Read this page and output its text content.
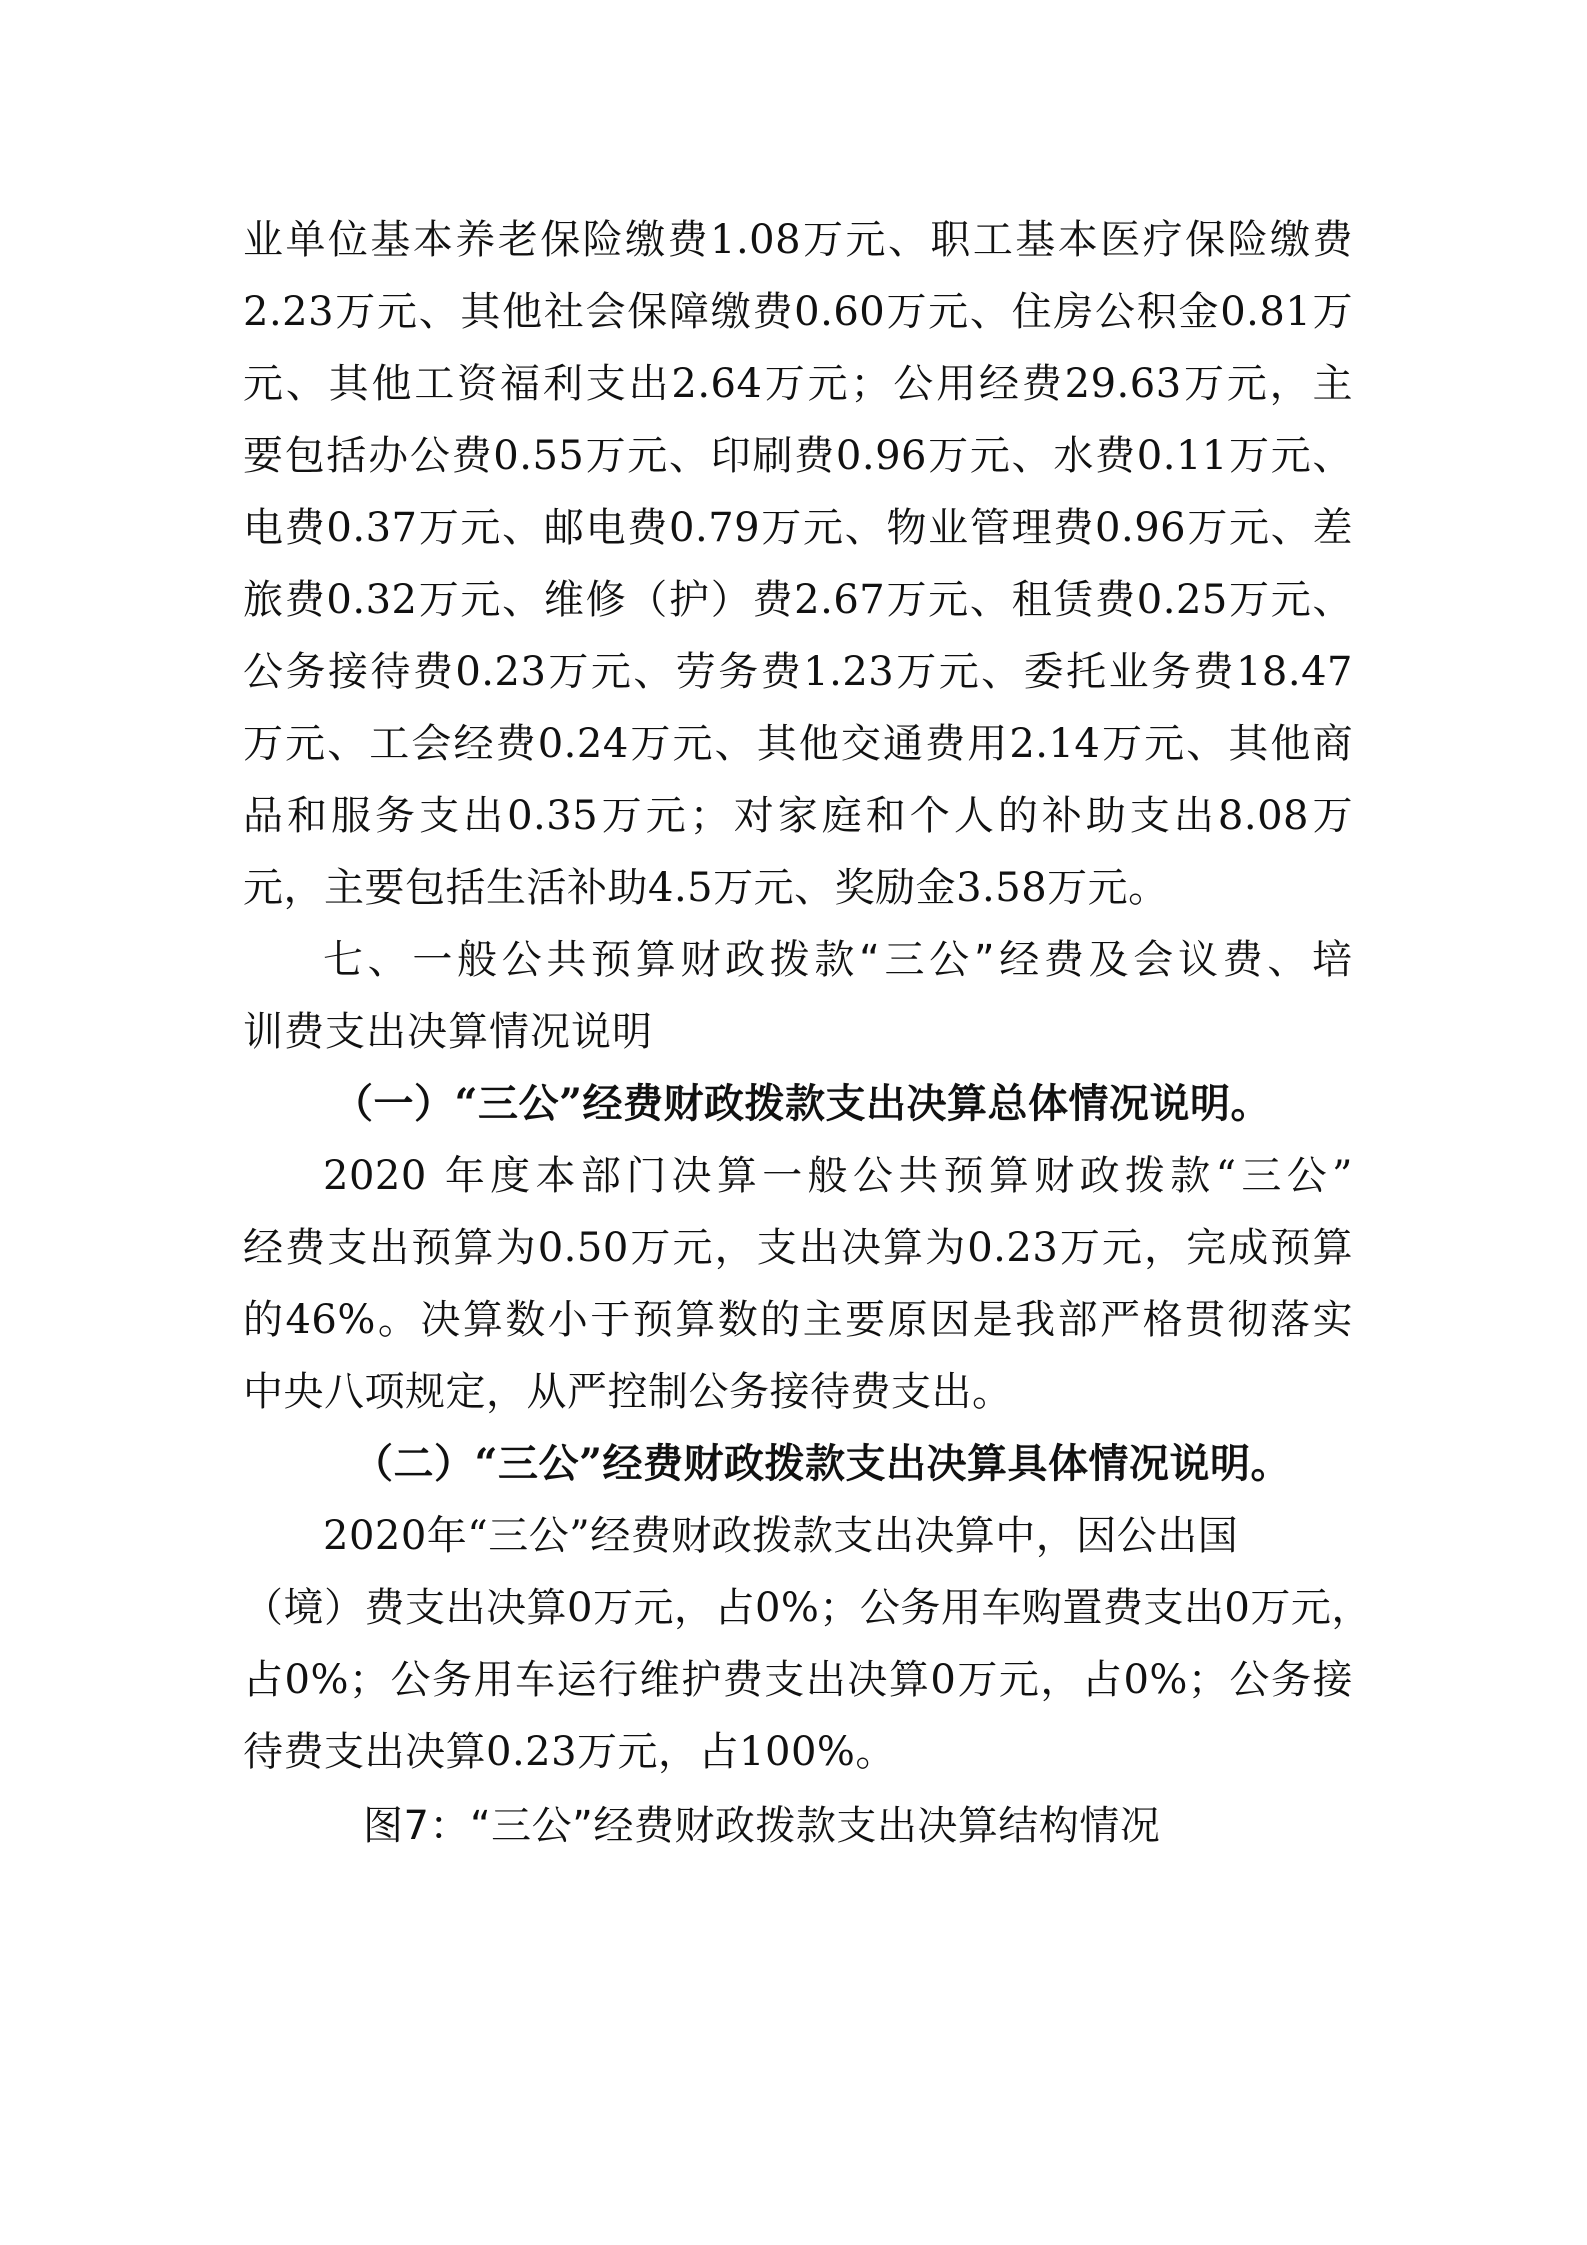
业单位基本养老保险缴费1.08万元、职工基本医疗保险缴费

2.23万元、其他社会保障缴费0.60万元、住房公积金0.81万

元、其他工资福利支出2.64万元；公用经费29.63万元，主

要包括办公费0.55万元、印刷费0.96万元、水费0.11万元、

电费0.37万元、邮电费0.79万元、物业管理费0.96万元、差

旅费0.32万元、维修（护）费2.67万元、租赁费0.25万元、

公务接待费0.23万元、劳务费1.23万元、委托业务费18.47

万元、工会经费0.24万元、其他交通费用2.14万元、其他商

品和服务支出0.35万元；对家庭和个人的补助支出8.08万

元，主要包括生活补助4.5万元、奖励金3.58万元。

七、一般公共预算财政拨款“三公”经费及会议费、培

训费支出决算情况说明

（一）“三公”经费财政拨款支出决算总体情况说明。

2020 年度本部门决算一般公共预算财政拨款“三公”

经费支出预算为0.50万元，支出决算为0.23万元，完成预算

的46%。决算数小于预算数的主要原因是我部严格贯彻落实

中央八项规定，从严控制公务接待费支出。

（二）“三公”经费财政拨款支出决算具体情况说明。

2020年“三公”经费财政拨款支出决算中，因公出国

（境）费支出决算0万元，占0%；公务用车购置费支出0万元，

占0%；公务用车运行维护费支出决算0万元，占0%；公务接

待费支出决算0.23万元，占100%。

图7：“三公”经费财政拨款支出决算结构情况
